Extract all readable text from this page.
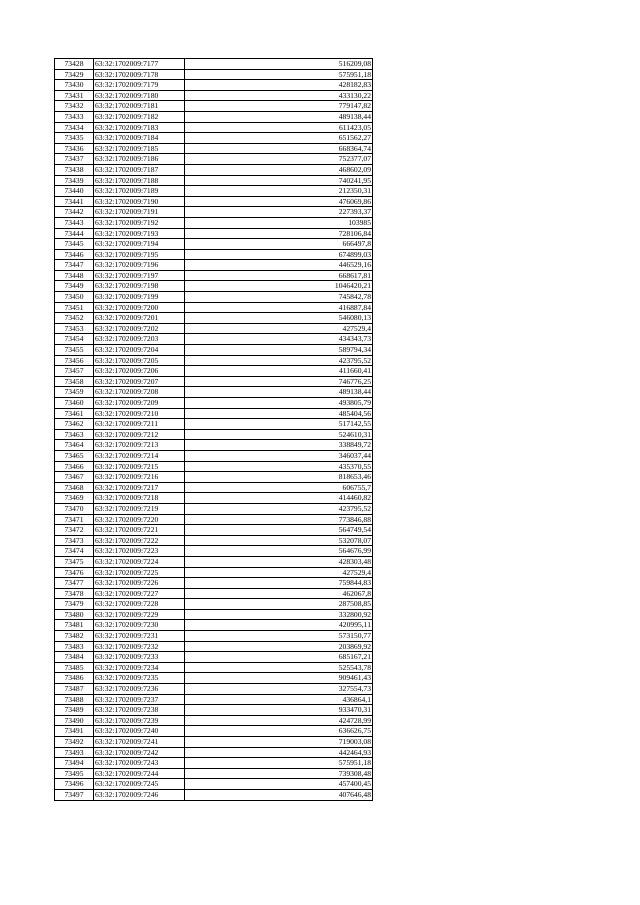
73428	63:32:1702009:7177	516209,08
73429	63:32:1702009:7178	575951,18
73430	63:32:1702009:7179	428182,83
73431	63:32:1702009:7180	433130,22
73432	63:32:1702009:7181	779147,82
73433	63:32:1702009:7182	489138,44
73434	63:32:1702009:7183	611423,05
73435	63:32:1702009:7184	651562,27
73436	63:32:1702009:7185	668364,74
73437	63:32:1702009:7186	752377,07
73438	63:32:1702009:7187	468602,09
73439	63:32:1702009:7188	740241,95
73440	63:32:1702009:7189	212350,31
73441	63:32:1702009:7190	476069,86
73442	63:32:1702009:7191	227393,37
73443	63:32:1702009:7192	103985
73444	63:32:1702009:7193	728106,84
73445	63:32:1702009:7194	666497,8
73446	63:32:1702009:7195	674899,03
73447	63:32:1702009:7196	446529,16
73448	63:32:1702009:7197	668617,81
73449	63:32:1702009:7198	1046420,21
73450	63:32:1702009:7199	745842,78
73451	63:32:1702009:7200	416887,84
73452	63:32:1702009:7201	546080,13
73453	63:32:1702009:7202	427529,4
73454	63:32:1702009:7203	434343,73
73455	63:32:1702009:7204	589794,34
73456	63:32:1702009:7205	423795,52
73457	63:32:1702009:7206	411660,41
73458	63:32:1702009:7207	746776,25
73459	63:32:1702009:7208	489138,44
73460	63:32:1702009:7209	493805,79
73461	63:32:1702009:7210	485404,56
73462	63:32:1702009:7211	517142,55
73463	63:32:1702009:7212	524610,31
73464	63:32:1702009:7213	338849,72
73465	63:32:1702009:7214	346037,44
73466	63:32:1702009:7215	435370,55
73467	63:32:1702009:7216	818653,46
73468	63:32:1702009:7217	606755,7
73469	63:32:1702009:7218	414460,82
73470	63:32:1702009:7219	423795,52
73471	63:32:1702009:7220	773846,88
73472	63:32:1702009:7221	564749,54
73473	63:32:1702009:7222	532078,07
73474	63:32:1702009:7223	564676,99
73475	63:32:1702009:7224	428303,48
73476	63:32:1702009:7225	427529,4
73477	63:32:1702009:7226	759844,83
73478	63:32:1702009:7227	462067,8
73479	63:32:1702009:7228	287508,85
73480	63:32:1702009:7229	332800,92
73481	63:32:1702009:7230	420995,11
73482	63:32:1702009:7231	573150,77
73483	63:32:1702009:7232	203869,92
73484	63:32:1702009:7233	685167,21
73485	63:32:1702009:7234	525543,78
73486	63:32:1702009:7235	909461,43
73487	63:32:1702009:7236	327554,73
73488	63:32:1702009:7237	436864,1
73489	63:32:1702009:7238	933470,31
73490	63:32:1702009:7239	424728,99
73491	63:32:1702009:7240	636626,75
73492	63:32:1702009:7241	719003,08
73493	63:32:1702009:7242	442464,93
73494	63:32:1702009:7243	575951,18
73495	63:32:1702009:7244	739308,48
73496	63:32:1702009:7245	457400,45
73497	63:32:1702009:7246	407646,48
